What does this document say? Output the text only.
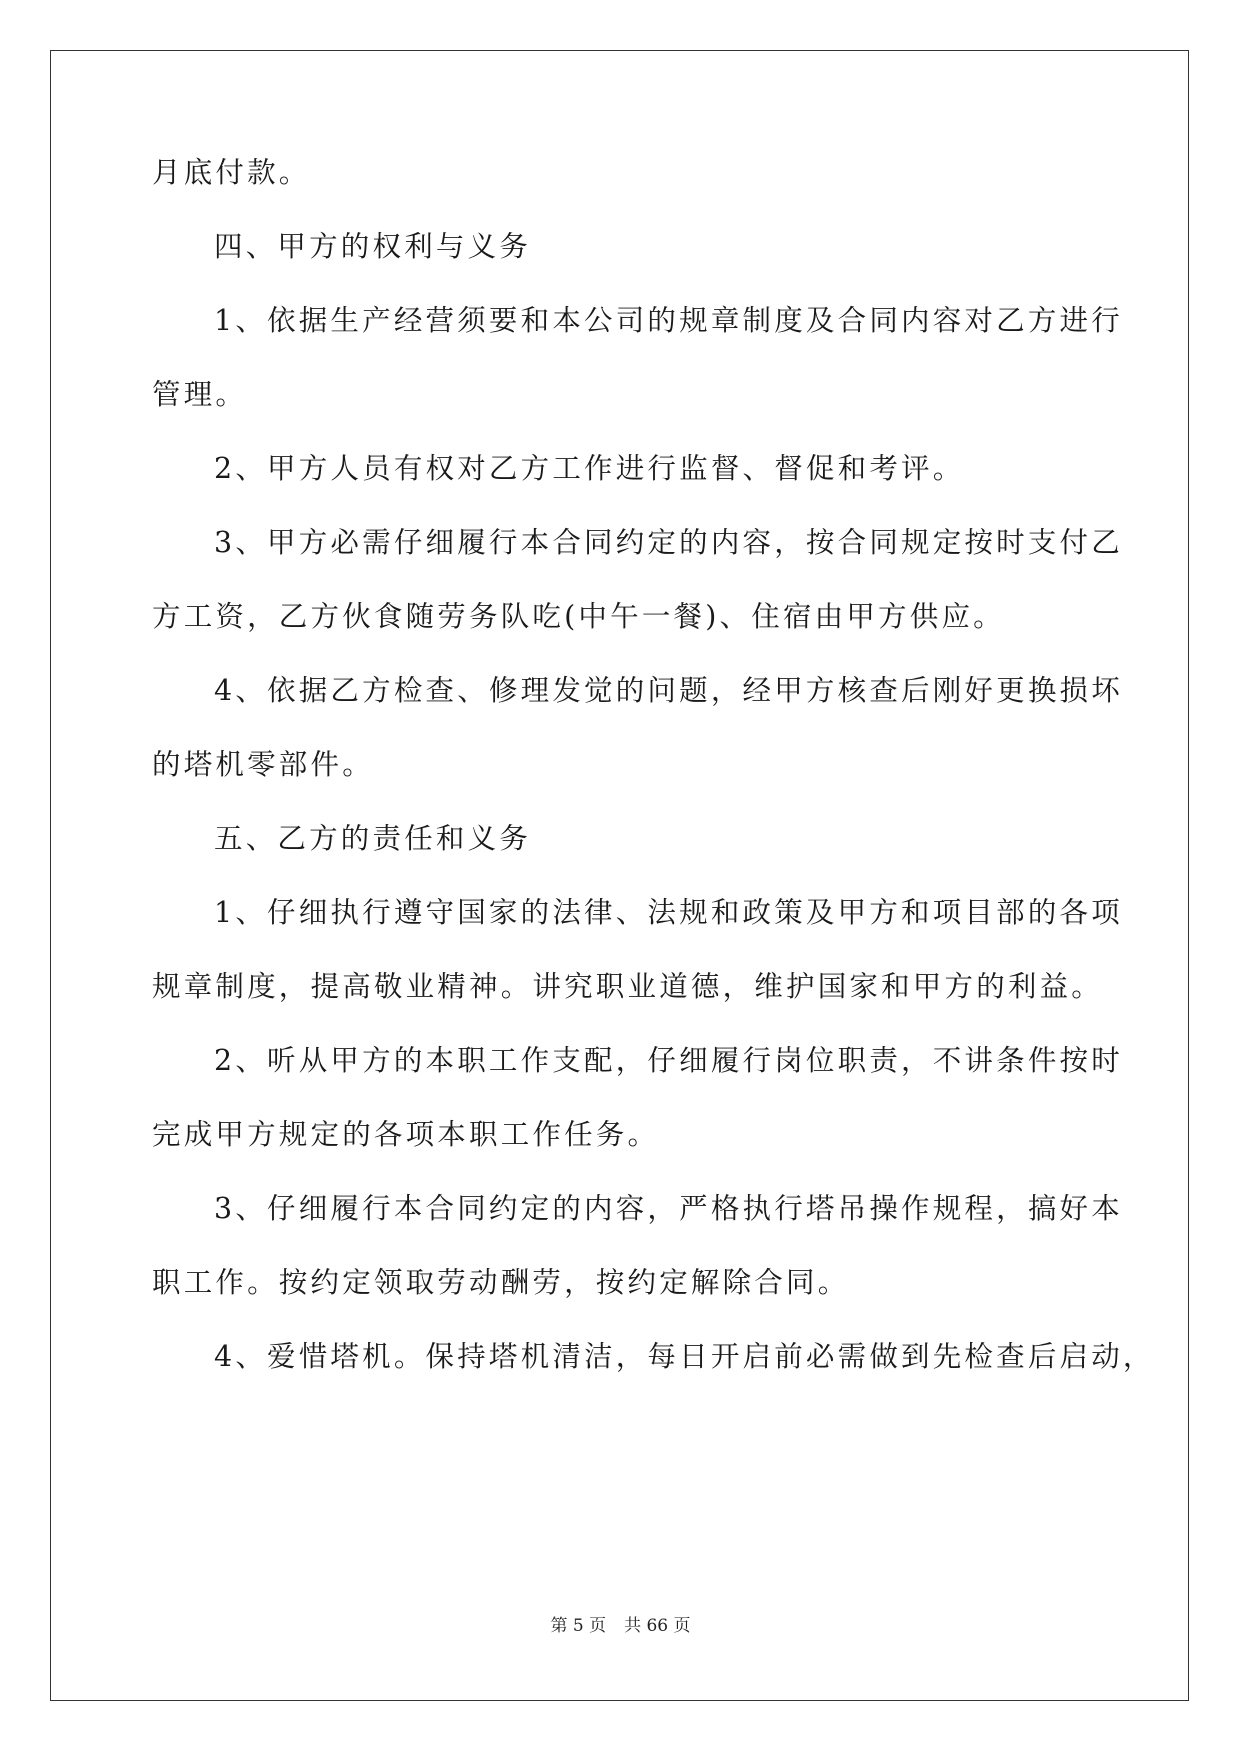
月底付款。
四、甲方的权利与义务
1、依据生产经营须要和本公司的规章制度及合同内容对乙方进行
管理。
2、甲方人员有权对乙方工作进行监督、督促和考评。
3、甲方必需仔细履行本合同约定的内容，按合同规定按时支付乙
方工资，乙方伙食随劳务队吃(中午一餐)、住宿由甲方供应。
4、依据乙方检查、修理发觉的问题，经甲方核查后刚好更换损坏
的塔机零部件。
五、乙方的责任和义务
1、仔细执行遵守国家的法律、法规和政策及甲方和项目部的各项
规章制度，提高敬业精神。讲究职业道德，维护国家和甲方的利益。
2、听从甲方的本职工作支配，仔细履行岗位职责，不讲条件按时
完成甲方规定的各项本职工作任务。
3、仔细履行本合同约定的内容，严格执行塔吊操作规程，搞好本
职工作。按约定领取劳动酬劳，按约定解除合同。
4、爱惜塔机。保持塔机清洁，每日开启前必需做到先检查后启动，
第 5 页 共 66 页
